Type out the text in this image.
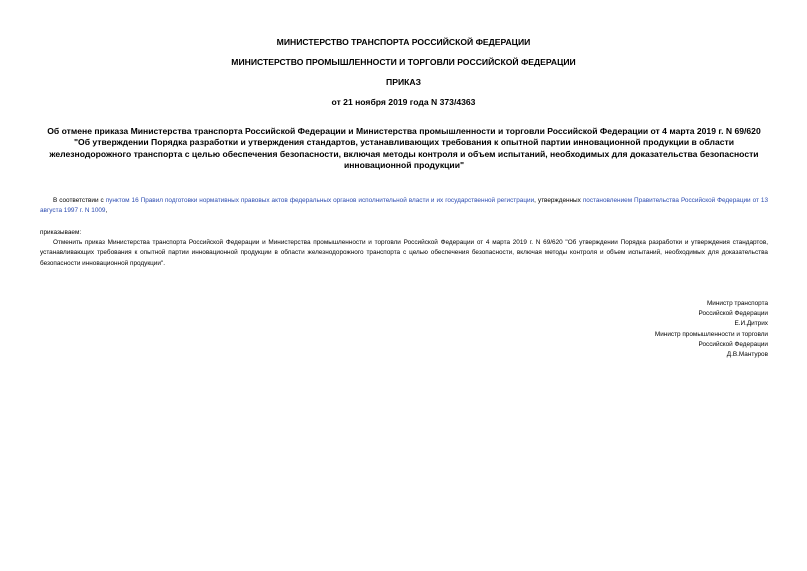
МИНИСТЕРСТВО ТРАНСПОРТА РОССИЙСКОЙ ФЕДЕРАЦИИ

МИНИСТЕРСТВО ПРОМЫШЛЕННОСТИ И ТОРГОВЛИ РОССИЙСКОЙ ФЕДЕРАЦИИ

ПРИКАЗ

от 21 ноября 2019 года N 373/4363

Об отмене приказа Министерства транспорта Российской Федерации и Министерства промышленности и торговли Российской Федерации от 4 марта 2019 г. N 69/620 "Об утверждении Порядка разработки и утверждения стандартов, устанавливающих требования к опытной партии инновационной продукции в области железнодорожного транспорта с целью обеспечения безопасности, включая методы контроля и объем испытаний, необходимых для доказательства безопасности инновационной продукции"

В соответствии с пунктом 16 Правил подготовки нормативных правовых актов федеральных органов исполнительной власти и их государственной регистрации, утвержденных постановлением Правительства Российской Федерации от 13 августа 1997 г. N 1009,

приказываем:

Отменить приказ Министерства транспорта Российской Федерации и Министерства промышленности и торговли Российской Федерации от 4 марта 2019 г. N 69/620 "Об утверждении Порядка разработки и утверждения стандартов, устанавливающих требования к опытной партии инновационной продукции в области железнодорожного транспорта с целью обеспечения безопасности, включая методы контроля и объем испытаний, необходимых для доказательства безопасности инновационной продукции".

Министр транспорта
Российской Федерации
Е.И.Дитрих
Министр промышленности и торговли
Российской Федерации
Д.В.Мантуров
